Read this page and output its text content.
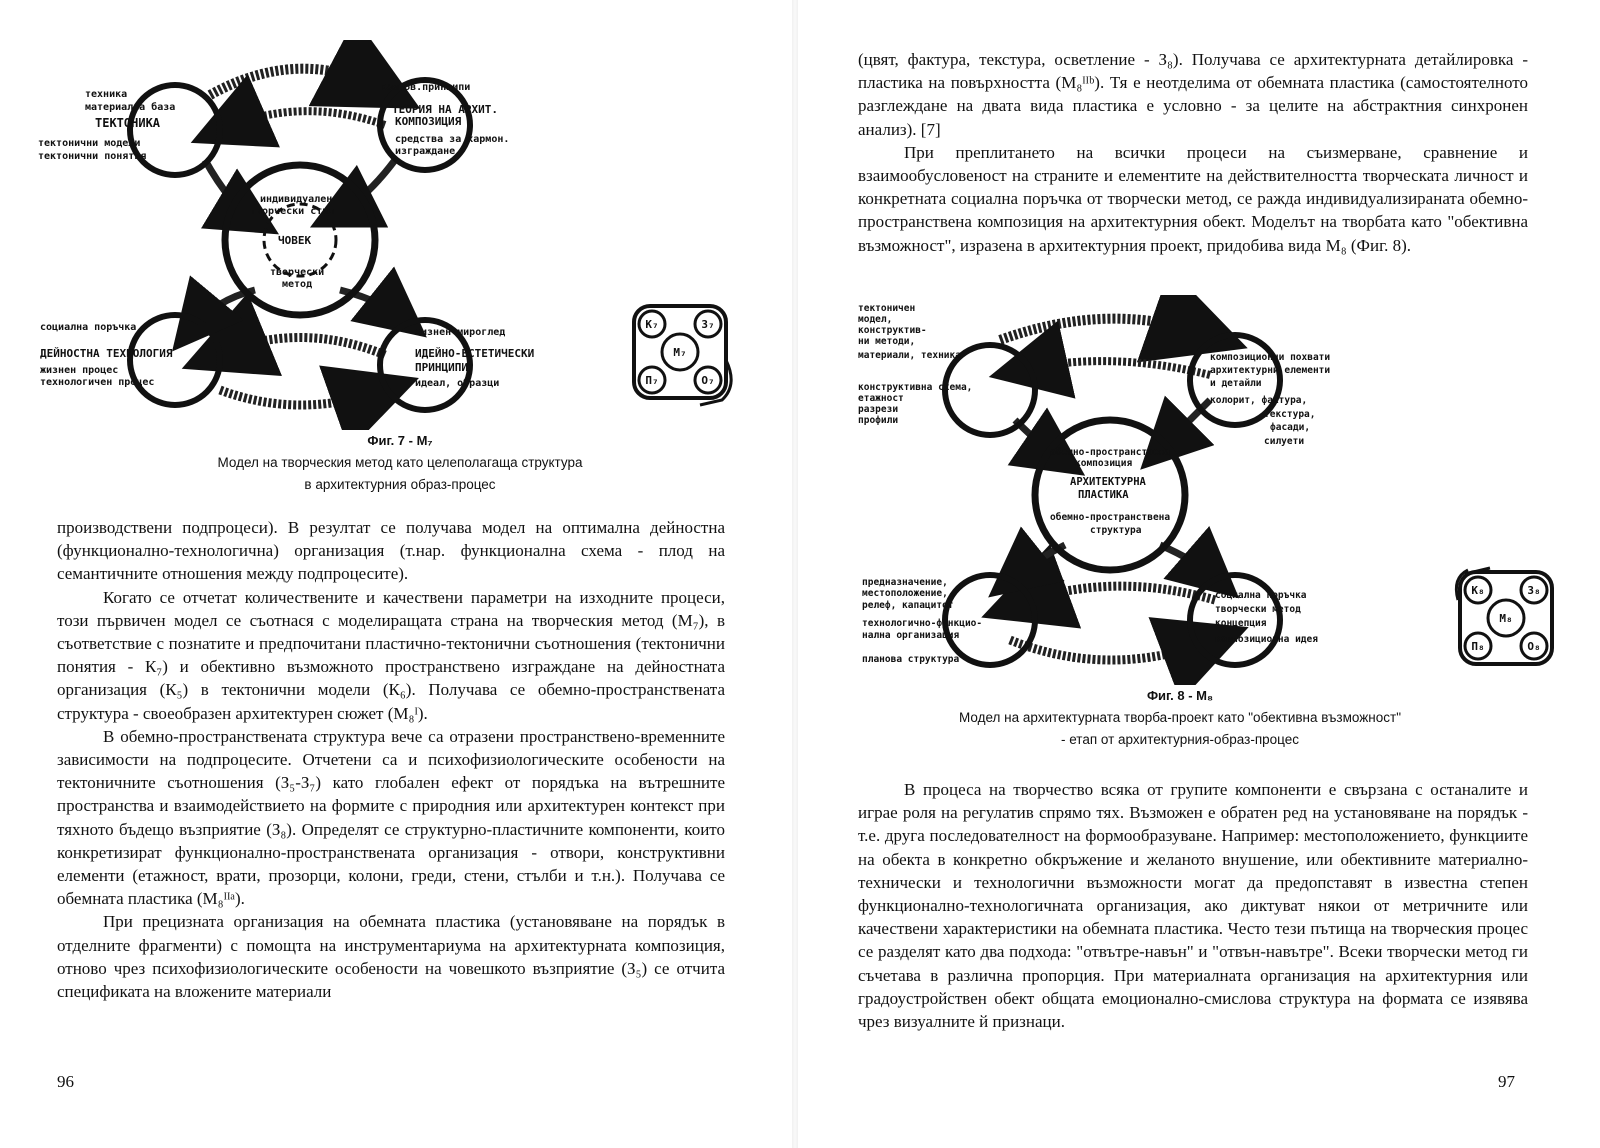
техника
материална база
ТЕКТОНИКА
тектонични модели
тектонични понятия
компов.принципи
ТЕОРИЯ НА АРХИТ.
КОМПОЗИЦИЯ
средства за хармон.
изграждане
индивидуален
творчески стил
ЧОВЕК
творчески
метод
социална поръчка
ДЕЙНОСТНА ТЕХНОЛОГИЯ
жизнен процес
технологичен процес
жизнен мироглед
ИДЕЙНО-ЕСТЕТИЧЕСКИ
ПРИНЦИПИ
идеал, образци
К₇	З₇
М₇
П₇	О₇
Фиг. 7 - М₇
Модел на творческия метод като целеполагаща структура
в архитектурния образ-процес

производствени подпроцеси). В резултат се получава модел на оптимална дейностна (функционално-технологична) организация (т.нар. функционална схема - плод на семантичните отношения между подпроцесите).

Когато се отчетат количествените и качествени параметри на изходните процеси, този първичен модел се съотнася с моделиращата страна на творческия метод (М₇), в съответствие с познатите и предпочитани пластично-тектонични съотношения (тектонични понятия - К₇) и обективно възможното пространствено изграждане на дейностната организация (К₅) в тектонични модели (К₆). Получава се обемно-пространствената структура - своеобразен архитектурен сюжет (М₈ᴵ).

В обемно-пространствената структура вече са отразени пространствено-временните зависимости на подпроцесите. Отчетени са и психофизиологическите особености на тектоничните съотношения (З₅-З₇) като глобален ефект от порядъка на вътрешните пространства и взаимодействието на формите с природния или архитектурен контекст при тяхното бъдещо възприятие (З₈). Определят се структурно-пластичните компоненти, които конкретизират функционално-пространствената организация - отвори, конструктивни елементи (етажност, врати, прозорци, колони, греди, стени, стълби и т.н.). Получава се обемната пластика (М₈ᴵᴵᵃ).

При прецизната организация на обемната пластика (установяване на порядък в отделните фрагменти) с помощта на инструментариума на архитектурната композиция, отново чрез психофизиологическите особености на човешкото възприятие (З₅) се отчита спецификата на вложените материали

96

(цвят, фактура, текстура, осветление - З₈). Получава се архитектурната детайлировка - пластика на повърхността (М₈ᴵᴵᵇ). Тя е неотделима от обемната пластика (самостоятелното разглеждане на двата вида пластика е условно - за целите на абстрактния синхронен анализ). [7]

При преплитането на всички процеси на съизмерване, сравнение и взаимообусловеност на страните и елементите на действителността творческата личност и конкретната социална поръчка от творчески метод, се ражда индивидуализираната обемно-пространствена композиция на архитектурния обект. Моделът на творбата като "обективна възможност", изразена в архитектурния проект, придобива вида М₈ (Фиг. 8).

тектоничен
модел,
конструктив-
ни методи,
материали, техника
конструктивна схема,
етажност
разрези
профили
композиционни похвати
архитектурни елементи
и детайли
колорит, фактура,
текстура,
фасади,
силуети
обемно-пространствена
композиция
АРХИТЕКТУРНА
ПЛАСТИКА
обемно-пространствена
структура
предназначение,
местоположение,
релеф, капацитет
технологично-функцио-
нална организация
планова структура
социална поръчка
творчески метод
концепция
композиционна идея
К₈	З₈
М₈
П₈	О₈
Фиг. 8 - М₈
Модел на архитектурната творба-проект като "обективна възможност"
- етап от архитектурния-образ-процес

В процеса на творчество всяка от групите компоненти е свързана с останалите и играе роля на регулатив спрямо тях. Възможен е обратен ред на установяване на порядък - т.е. друга последователност на формообразуване. Например: местоположението, функциите на обекта в конкретно обкръжение и желаното внушение, или обективните материално-технически и технологични възможности могат да предопставят в известна степен функционално-технологичната организация, ако диктуват някои от метричните или качествени характеристики на обемната пластика. Често тези пътища на творческия процес се разделят като два подхода: "отвътре-навън" и "отвън-навътре". Всеки творчески метод ги съчетава в различна пропорция. При материалната организация на архитектурния или градоустройствен обект общата емоционално-смислова структура на формата се изявява чрез визуалните й признаци.

97
